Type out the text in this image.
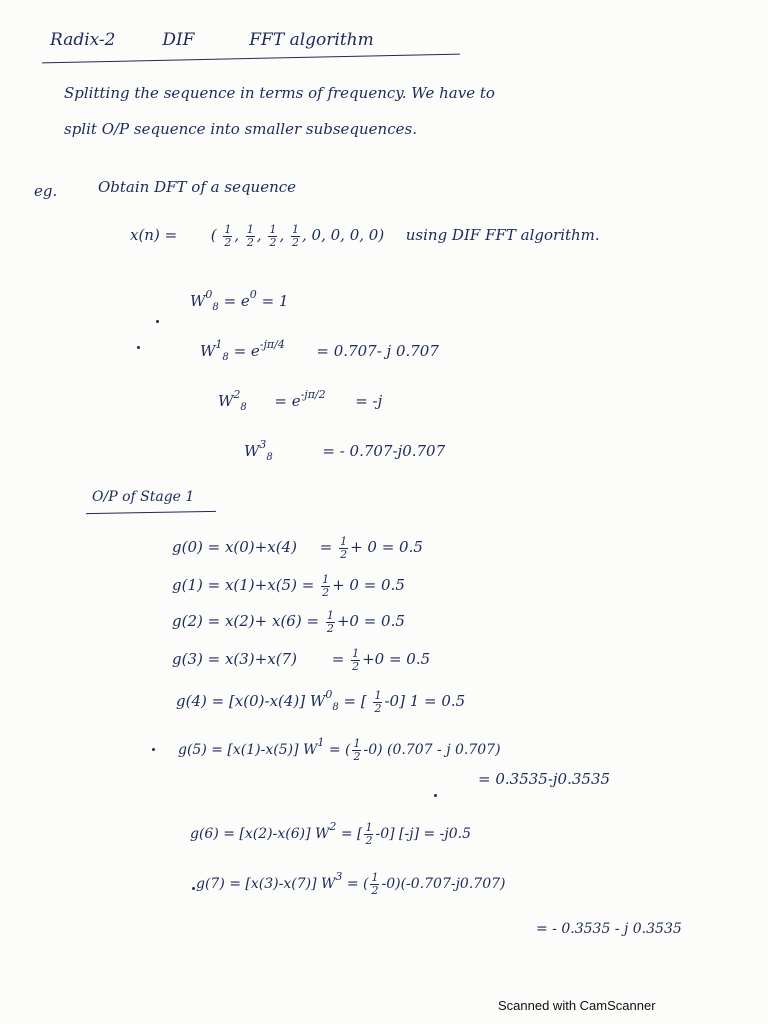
Radix-2	DIF	FFT algorithm
Splitting the sequence in terms of frequency. We have to
split O/P sequence into smaller subsequences.
eg.	Obtain DFT of a sequence
x(n) = ( $\frac{1}{2}$ , $\frac{1}{2}$ , $\frac{1}{2}$ , $\frac{1}{2}$ , 0, 0, 0, 0) using DIF FFT algorithm.
$W^0_8 = e^0 = 1$
$W^1_8 = e^{-j\pi/4} = 0.707-$ j 0.707
$W^2_8 = e^{-j\pi/2} = -j$
$W^3_8$	= - 0.707-j0.707
O/P of Stage 1
$g(0) = x(0)+x(4) = \frac{1}{2} + 0 = 0.5$
$g(1) = x(1)+x(5) = \frac{1}{2} + 0 = 0.5$
$g(2) = x(2)+ x(6) = \frac{1}{2} +0 = 0.5$
$g(3) = x(3)+x(7) = \frac{1}{2} +0 = 0.5$
g(4) = [x(0)-x(4)] $W^0_8$ = [ $\frac{1}{2} -0$] 1 = 0.5
g(5) = [x(1)-x(5)] $W^1$ = ( $\frac{1}{2} -0$) (0.707 - j 0.707)
= 0.3535-j0.3535
g(6) = [x(2)-x(6)] $W^2$ = [ $\frac{1}{2} -0$] [-j] = -j0.5
g(7) = [x(3)-x(7)] $W^3$ = ( $\frac{1}{2} -0)(-0.707-j0.707)$
= - 0.3535 - j 0.3535
Scanned with CamScanner
